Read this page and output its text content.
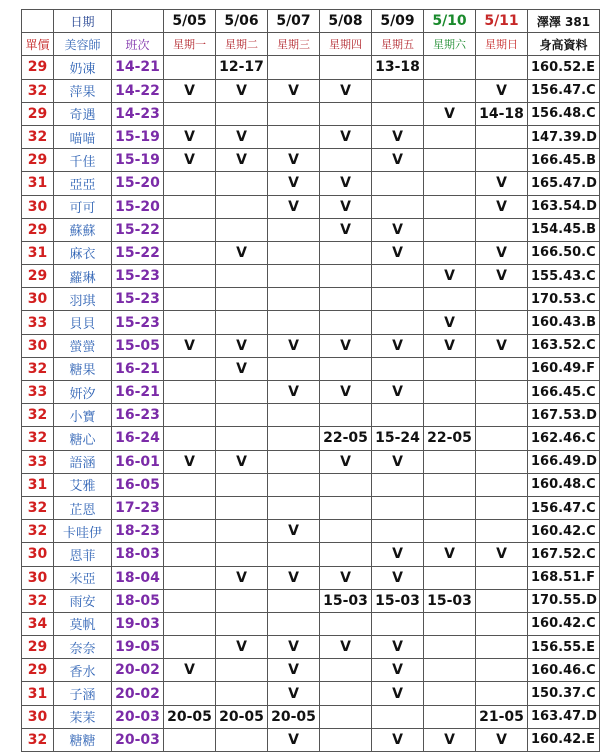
	日期		5/05	5/06	5/07	5/08	5/09	5/10	5/11	澤澤 381
單價	美容師	班次	星期一	星期二	星期三	星期四	星期五	星期六	星期日	身高資料
29	奶凍	14-21		12-17			13-18			160.52.E
32	萍果	14-22	V	V	V	V			V	156.47.C
29	奇遇	14-23						V	14-18	156.48.C
32	喵喵	15-19	V	V		V	V			147.39.D
29	千佳	15-19	V	V	V		V			166.45.B
31	亞亞	15-20			V	V			V	165.47.D
30	可可	15-20			V	V			V	163.54.D
29	蘇蘇	15-22				V	V			154.45.B
31	麻衣	15-22		V			V		V	166.50.C
29	蘿琳	15-23						V	V	155.43.C
30	羽琪	15-23								170.53.C
33	貝貝	15-23						V		160.43.B
30	螢螢	15-05	V	V	V	V	V	V	V	163.52.C
32	糖果	16-21		V						160.49.F
33	妍汐	16-21			V	V	V			166.45.C
32	小寶	16-23								167.53.D
32	糖心	16-24				22-05	15-24	22-05		162.46.C
33	語涵	16-01	V	V		V	V			166.49.D
31	艾雅	16-05								160.48.C
32	芷恩	17-23								156.47.C
32	卡哇伊	18-23			V					160.42.C
30	恩菲	18-03					V	V	V	167.52.C
30	米亞	18-04		V	V	V	V			168.51.F
32	雨安	18-05				15-03	15-03	15-03		170.55.D
34	莫帆	19-03								160.42.C
29	奈奈	19-05		V	V	V	V			156.55.E
29	香水	20-02	V		V		V			160.46.C
31	子涵	20-02			V		V			150.37.C
30	茉茉	20-03	20-05	20-05	20-05				21-05	163.47.D
32	糖糖	20-03			V		V	V	V	160.42.E
